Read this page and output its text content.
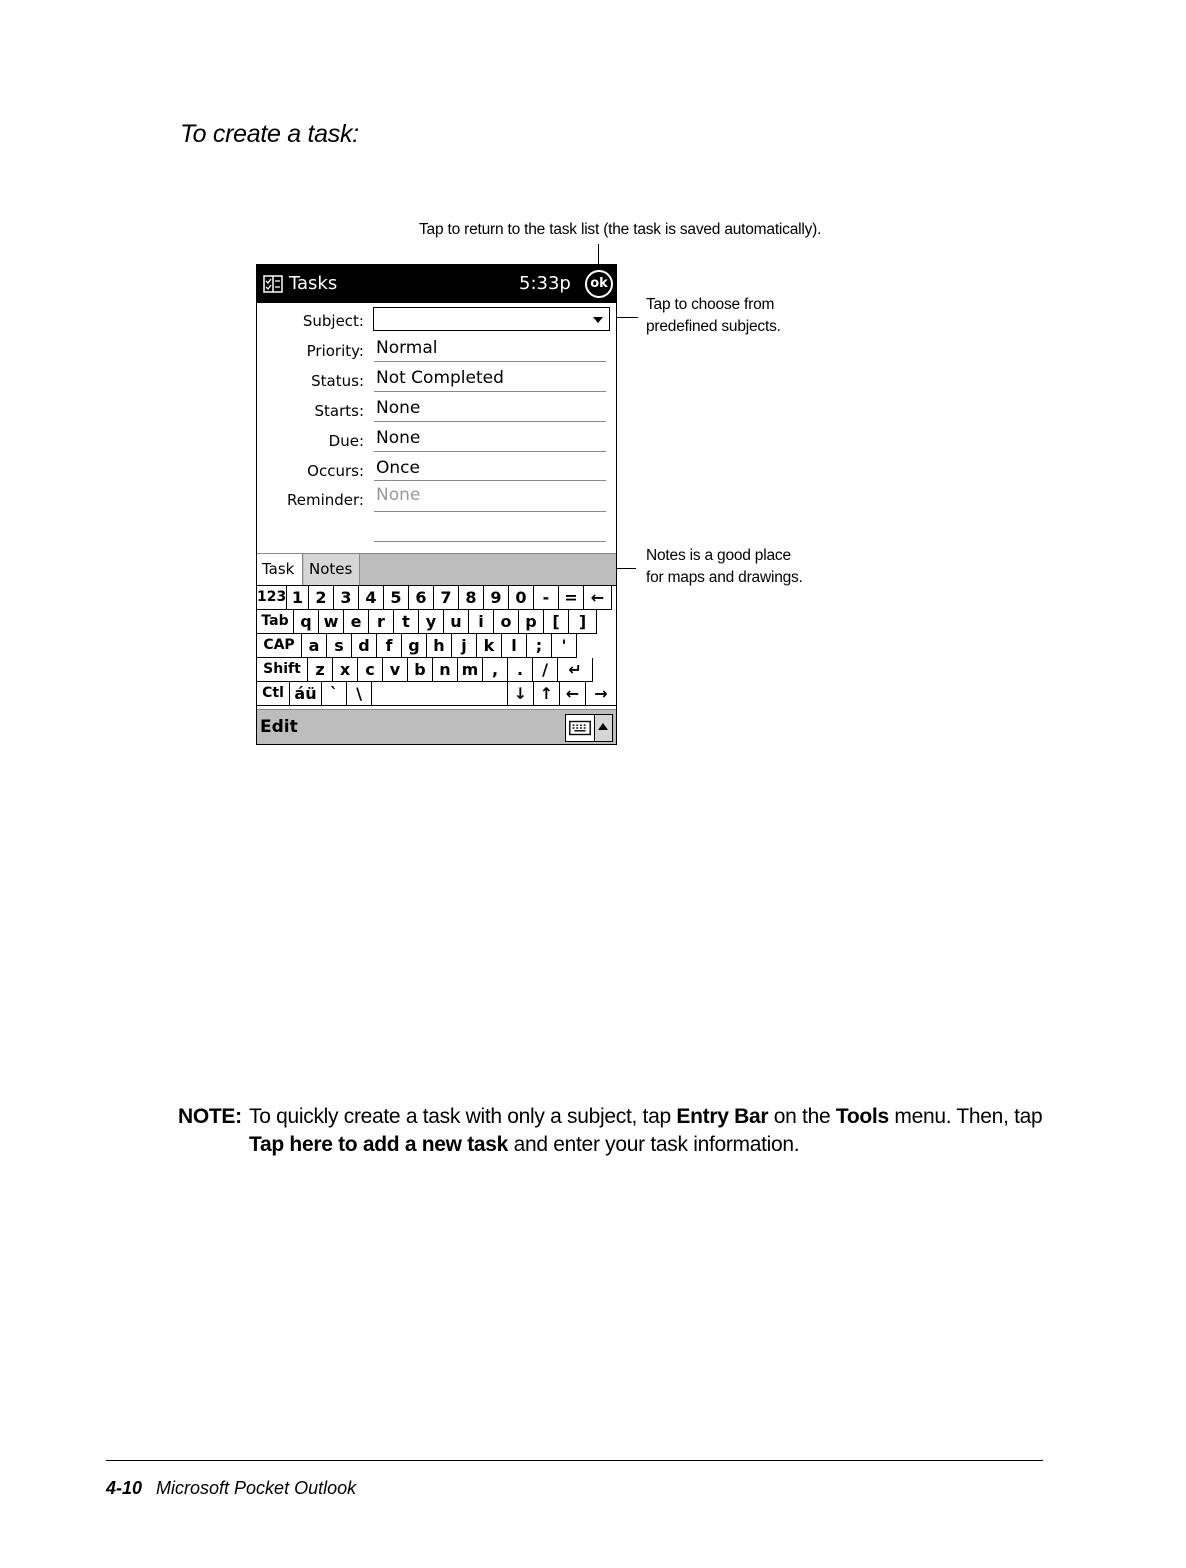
To create a task:
Tap to return to the task list (the task is saved automatically).
Tap to choose from
predefined subjects.
Notes is a good place
for maps and drawings.
Tasks	5:33p	ok
Subject:
Priority: Normal
Status: Not Completed
Starts: None
Due: None
Occurs: Once
Reminder: None
Task Notes
123 1 2 3 4 5 6 7 8 9 0	- = ←
Tab q w e r	t y u	i	o p [	]
CAP a s d f g h	j	k	l	;	'
Shift z x c v b n m ,	.	/	↵
Ctl áü `	\	↓ ↑ ← →
Edit
NOTE: To quickly create a task with only a subject, tap Entry Bar on the Tools menu. Then, tap Tap here to add a new task and enter your task information.
4-10 Microsoft Pocket Outlook
